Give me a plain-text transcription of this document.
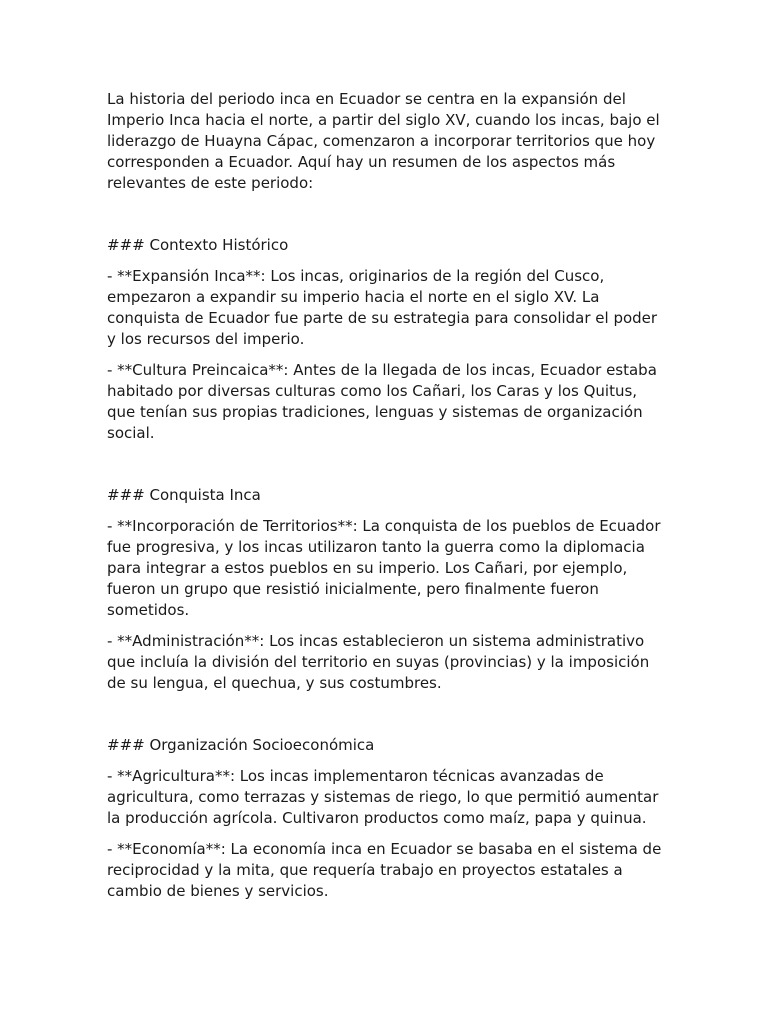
La historia del periodo inca en Ecuador se centra en la expansión del Imperio Inca hacia el norte, a partir del siglo XV, cuando los incas, bajo el liderazgo de Huayna Cápac, comenzaron a incorporar territorios que hoy corresponden a Ecuador. Aquí hay un resumen de los aspectos más relevantes de este periodo:

### Contexto Histórico

- **Expansión Inca**: Los incas, originarios de la región del Cusco, empezaron a expandir su imperio hacia el norte en el siglo XV. La conquista de Ecuador fue parte de su estrategia para consolidar el poder y los recursos del imperio.

- **Cultura Preincaica**: Antes de la llegada de los incas, Ecuador estaba habitado por diversas culturas como los Cañari, los Caras y los Quitus, que tenían sus propias tradiciones, lenguas y sistemas de organización social.

### Conquista Inca

- **Incorporación de Territorios**: La conquista de los pueblos de Ecuador fue progresiva, y los incas utilizaron tanto la guerra como la diplomacia para integrar a estos pueblos en su imperio. Los Cañari, por ejemplo, fueron un grupo que resistió inicialmente, pero finalmente fueron sometidos.

- **Administración**: Los incas establecieron un sistema administrativo que incluía la división del territorio en suyas (provincias) y la imposición de su lengua, el quechua, y sus costumbres.

### Organización Socioeconómica

- **Agricultura**: Los incas implementaron técnicas avanzadas de agricultura, como terrazas y sistemas de riego, lo que permitió aumentar la producción agrícola. Cultivaron productos como maíz, papa y quinua.

- **Economía**: La economía inca en Ecuador se basaba en el sistema de reciprocidad y la mita, que requería trabajo en proyectos estatales a cambio de bienes y servicios.
